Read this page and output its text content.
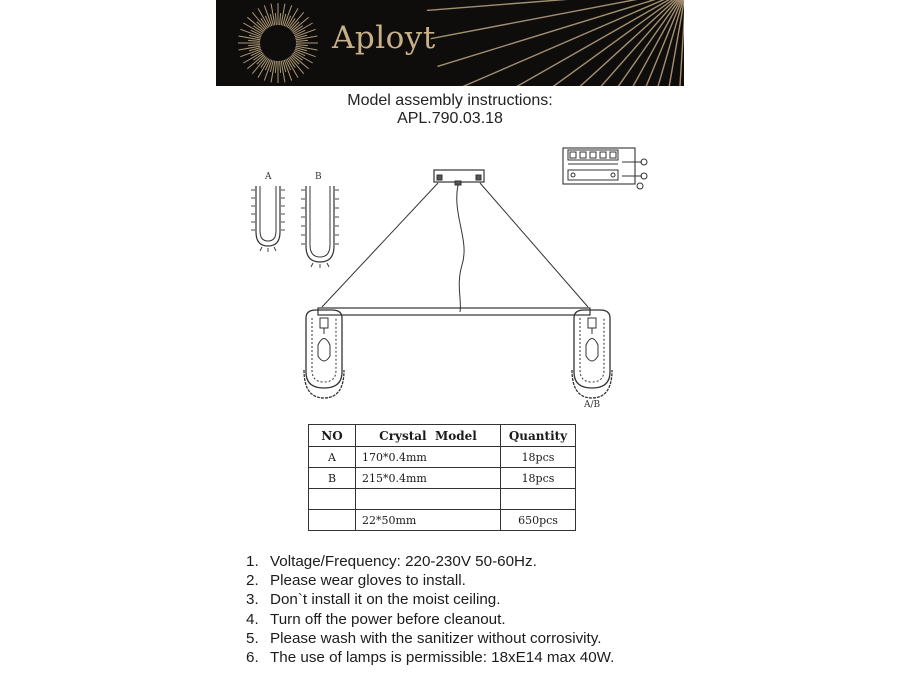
Aployt
Model assembly instructions:
APL.790.03.18
A	B
A/B
NO	Crystal  Model	Quantity
A	170*0.4mm	18pcs
B	215*0.4mm	18pcs

	22*50mm	650pcs
1. Voltage/Frequency: 220-230V 50-60Hz.
2. Please wear gloves to install.
3. Don`t install it on the moist ceiling.
4. Turn off the power before cleanout.
5. Please wash with the sanitizer without corrosivity.
6. The use of lamps is permissible: 18xE14 max 40W.
